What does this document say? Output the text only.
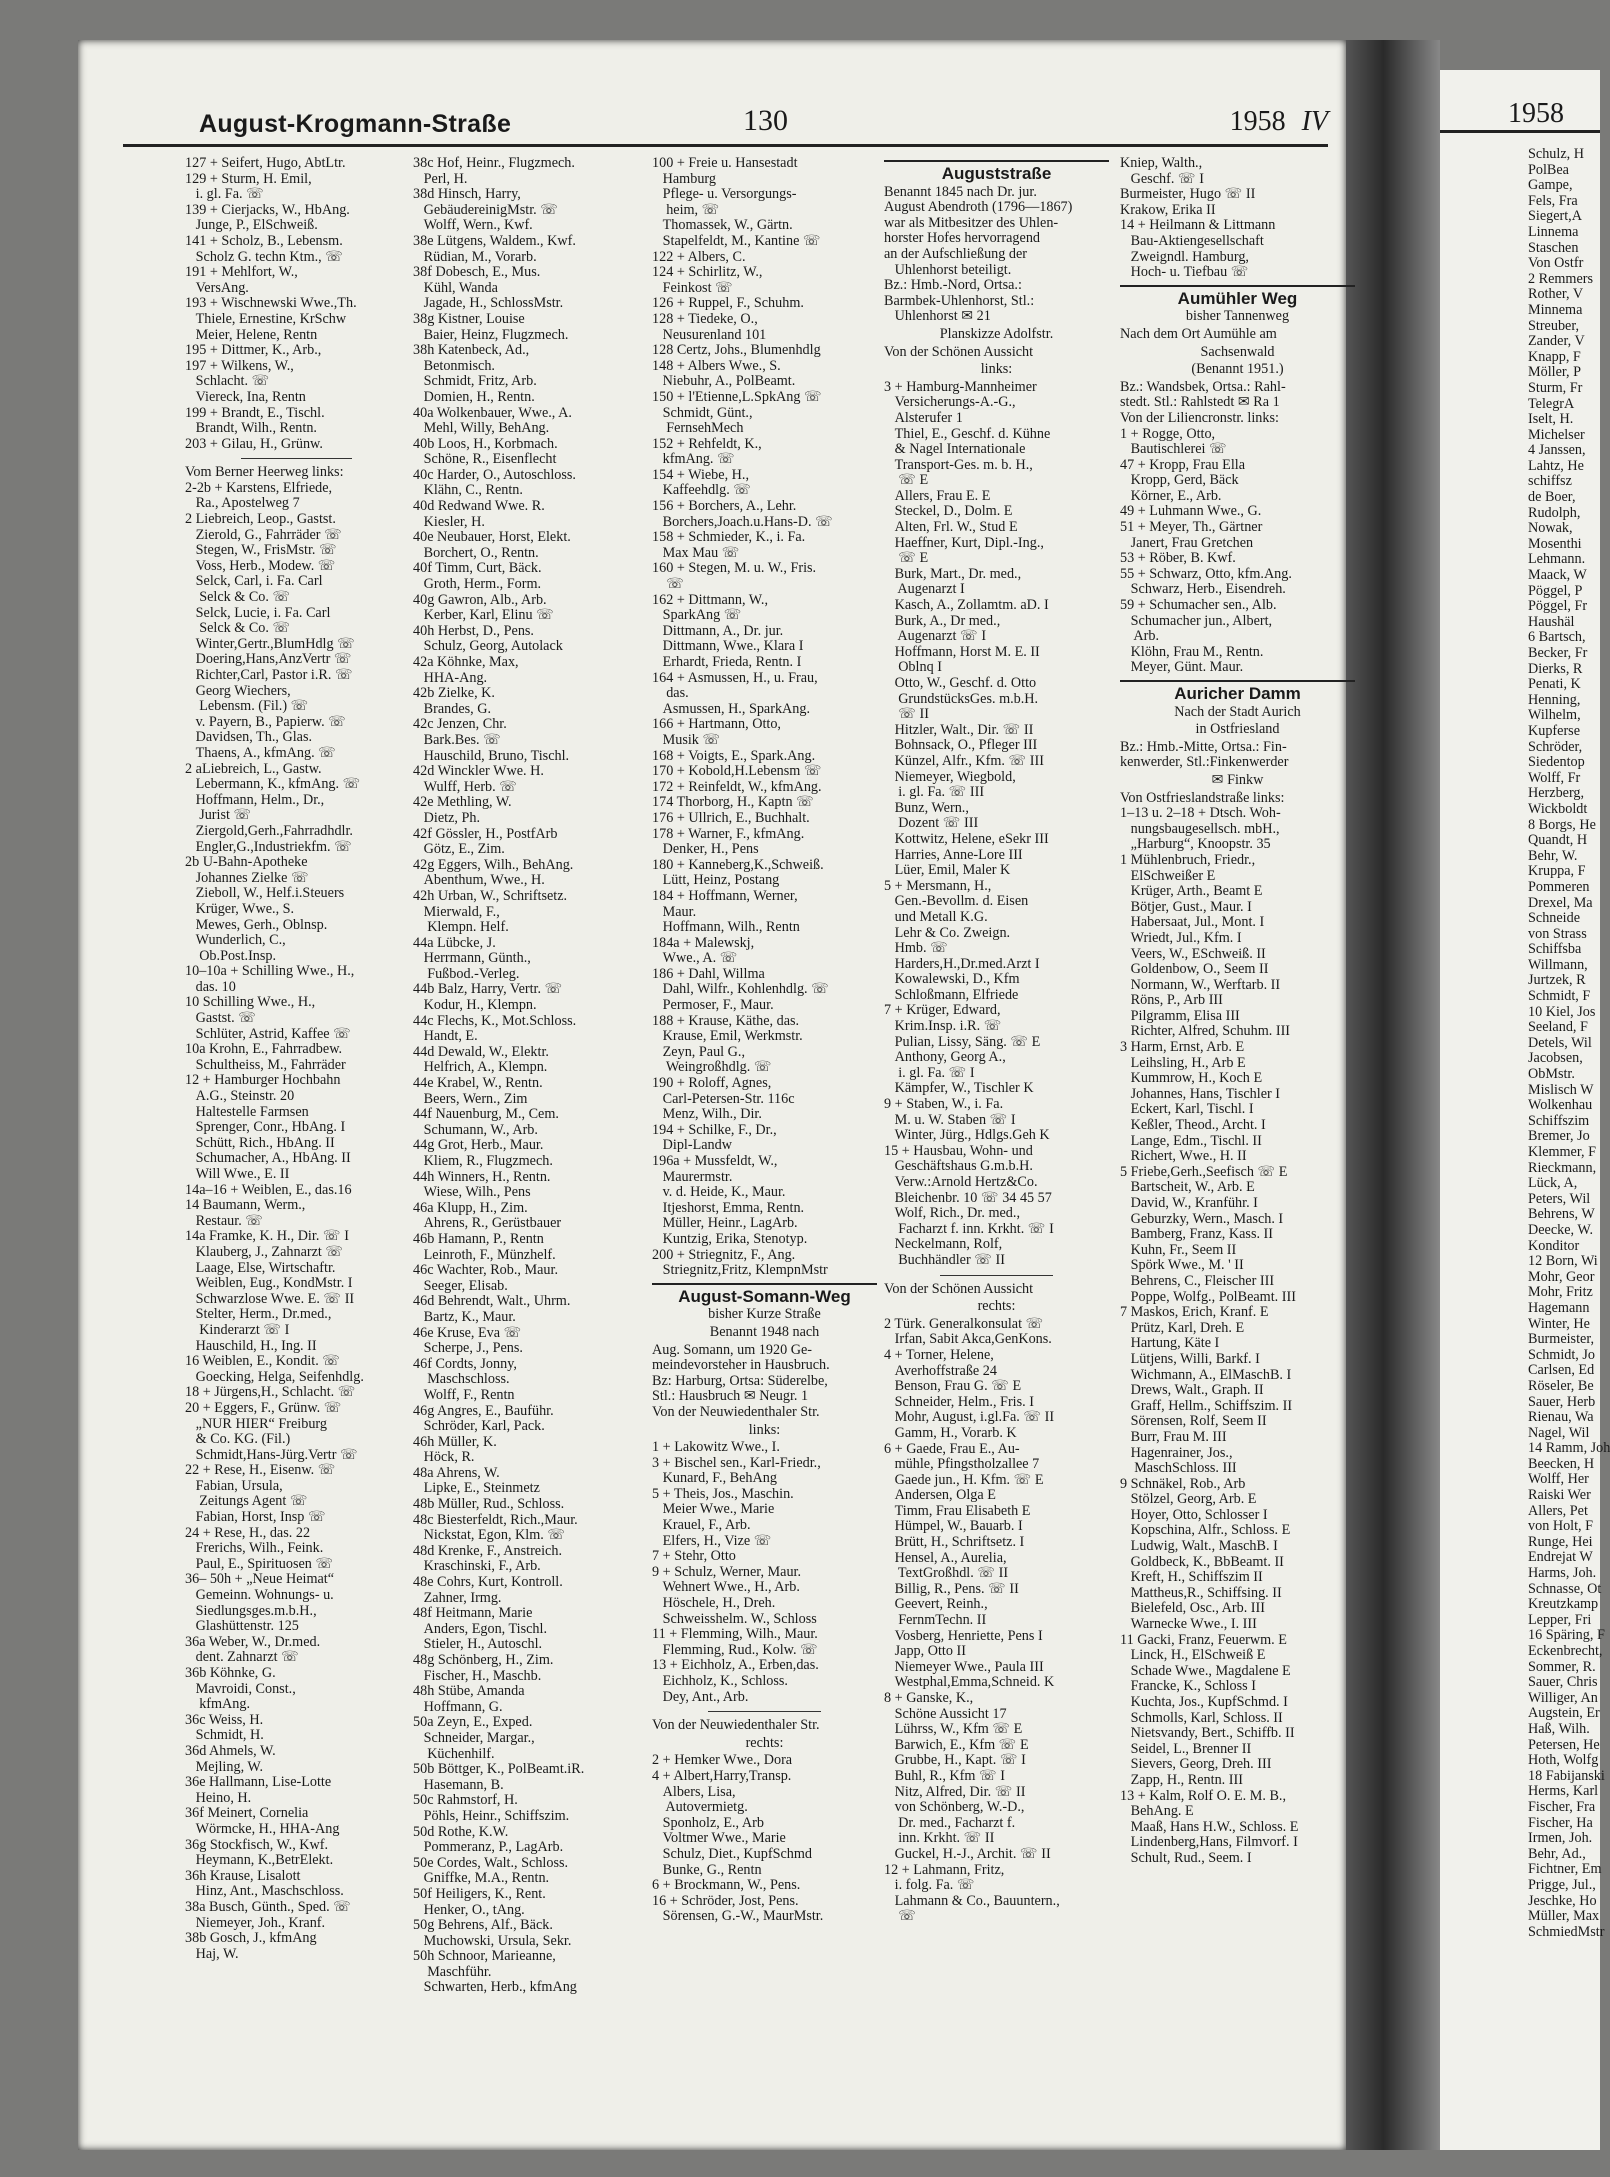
August-Krogmann-Straße	130	1958 IV
127 + Seifert, Hugo, AbtLtr.
129 + Sturm, H. Emil,
i. gl. Fa. ☏
139 + Cierjacks, W., HbAng.
Junge, P., ElSchweiß.
141 + Scholz, B., Lebensm.
Scholz G. techn Ktm., ☏
191 + Mehlfort, W.,
VersAng.
193 + Wischnewski Wwe.,Th.
Thiele, Ernestine, KrSchw
Meier, Helene, Rentn
195 + Dittmer, K., Arb.,
197 + Wilkens, W.,
Schlacht. ☏
Viereck, Ina, Rentn
199 + Brandt, E., Tischl.
Brandt, Wilh., Rentn.
203 + Gilau, H., Grünw.
Vom Berner Heerweg links:
2-2b + Karstens, Elfriede,
Ra., Apostelweg 7
2 Liebreich, Leop., Gastst.
Zierold, G., Fahrräder ☏
Stegen, W., FrisMstr. ☏
Voss, Herb., Modew. ☏
Selck, Carl, i. Fa. Carl
Selck & Co. ☏
Selck, Lucie, i. Fa. Carl
Selck & Co. ☏
Winter,Gertr.,BlumHdlg ☏
Doering,Hans,AnzVertr ☏
Richter,Carl, Pastor i.R. ☏
Georg Wiechers,
Lebensm. (Fil.) ☏
v. Payern, B., Papierw. ☏
Davidsen, Th., Glas.
Thaens, A., kfmAng. ☏
2 aLiebreich, L., Gastw.
Lebermann, K., kfmAng. ☏
Hoffmann, Helm., Dr.,
Jurist ☏
Ziergold,Gerh.,Fahrradhdlr.
Engler,G.,Industriekfm. ☏
2b U-Bahn-Apotheke
Johannes Zielke ☏
Zieboll, W., Helf.i.Steuers
Krüger, Wwe., S.
Mewes, Gerh., Oblnsp.
Wunderlich, C.,
Ob.Post.Insp.
10–10a + Schilling Wwe., H.,
das. 10
10 Schilling Wwe., H.,
Gastst. ☏
Schlüter, Astrid, Kaffee ☏
10a Krohn, E., Fahrradbew.
Schultheiss, M., Fahrräder
12 + Hamburger Hochbahn
A.G., Steinstr. 20
Haltestelle Farmsen
Sprenger, Conr., HbAng. I
Schütt, Rich., HbAng. II
Schumacher, A., HbAng. II
Will Wwe., E. II
14a–16 + Weiblen, E., das.16
14 Baumann, Werm.,
Restaur. ☏
14a Framke, K. H., Dir. ☏ I
Klauberg, J., Zahnarzt ☏
Laage, Else, Wirtschaftr.
Weiblen, Eug., KondMstr. I
Schwarzlose Wwe. E. ☏ II
Stelter, Herm., Dr.med.,
Kinderarzt ☏ I
Hauschild, H., Ing. II
16 Weiblen, E., Kondit. ☏
Goecking, Helga, Seifenhdlg.
18 + Jürgens,H., Schlacht. ☏
20 + Eggers, F., Grünw. ☏
„NUR HIER“ Freiburg
& Co. KG. (Fil.)
Schmidt,Hans-Jürg.Vertr ☏
22 + Rese, H., Eisenw. ☏
Fabian, Ursula,
Zeitungs Agent ☏
Fabian, Horst, Insp ☏
24 + Rese, H., das. 22
Frerichs, Wilh., Feink.
Paul, E., Spirituosen ☏
36– 50h + „Neue Heimat“
Gemeinn. Wohnungs- u.
Siedlungsges.m.b.H.,
Glashüttenstr. 125
36a Weber, W., Dr.med.
dent. Zahnarzt ☏
36b Köhnke, G.
Mavroidi, Const.,
kfmAng.
36c Weiss, H.
Schmidt, H.
36d Ahmels, W.
Mejling, W.
36e Hallmann, Lise-Lotte
Heino, H.
36f Meinert, Cornelia
Wörmcke, H., HHA-Ang
36g Stockfisch, W., Kwf.
Heymann, K.,BetrElekt.
36h Krause, Lisalott
Hinz, Ant., Maschschloss.
38a Busch, Günth., Sped. ☏
Niemeyer, Joh., Kranf.
38b Gosch, J., kfmAng
Haj, W.
38c Hof, Heinr., Flugzmech.
Perl, H.
38d Hinsch, Harry,
GebäudereinigMstr. ☏
Wolff, Wern., Kwf.
38e Lütgens, Waldem., Kwf.
Rüdian, M., Vorarb.
38f Dobesch, E., Mus.
Kühl, Wanda
Jagade, H., SchlossMstr.
38g Kistner, Louise
Baier, Heinz, Flugzmech.
38h Katenbeck, Ad.,
Betonmisch.
Schmidt, Fritz, Arb.
Domien, H., Rentn.
40a Wolkenbauer, Wwe., A.
Mehl, Willy, BehAng.
40b Loos, H., Korbmach.
Schöne, R., Eisenflecht
40c Harder, O., Autoschloss.
Klähn, C., Rentn.
40d Redwand Wwe. R.
Kiesler, H.
40e Neubauer, Horst, Elekt.
Borchert, O., Rentn.
40f Timm, Curt, Bäck.
Groth, Herm., Form.
40g Gawron, Alb., Arb.
Kerber, Karl, Elinu ☏
40h Herbst, D., Pens.
Schulz, Georg, Autolack
42a Köhnke, Max,
HHA-Ang.
42b Zielke, K.
Brandes, G.
42c Jenzen, Chr.
Bark.Bes. ☏
Hauschild, Bruno, Tischl.
42d Winckler Wwe. H.
Wulff, Herb. ☏
42e Methling, W.
Dietz, Ph.
42f Gössler, H., PostfArb
Götz, E., Zim.
42g Eggers, Wilh., BehAng.
Abenthum, Wwe., H.
42h Urban, W., Schriftsetz.
Mierwald, F.,
Klempn. Helf.
44a Lübcke, J.
Herrmann, Günth.,
Fußbod.-Verleg.
44b Balz, Harry, Vertr. ☏
Kodur, H., Klempn.
44c Flechs, K., Mot.Schloss.
Handt, E.
44d Dewald, W., Elektr.
Helfrich, A., Klempn.
44e Krabel, W., Rentn.
Beers, Wern., Zim
44f Nauenburg, M., Cem.
Schumann, W., Arb.
44g Grot, Herb., Maur.
Kliem, R., Flugzmech.
44h Winners, H., Rentn.
Wiese, Wilh., Pens
46a Klupp, H., Zim.
Ahrens, R., Gerüstbauer
46b Hamann, P., Rentn
Leinroth, F., Münzhelf.
46c Wachter, Rob., Maur.
Seeger, Elisab.
46d Behrendt, Walt., Uhrm.
Bartz, K., Maur.
46e Kruse, Eva ☏
Scherpe, J., Pens.
46f Cordts, Jonny,
Maschschloss.
Wolff, F., Rentn
46g Angres, E., Bauführ.
Schröder, Karl, Pack.
46h Müller, K.
Höck, R.
48a Ahrens, W.
Lipke, E., Steinmetz
48b Müller, Rud., Schloss.
48c Biesterfeldt, Rich.,Maur.
Nickstat, Egon, Klm. ☏
48d Krenke, F., Anstreich.
Kraschinski, F., Arb.
48e Cohrs, Kurt, Kontroll.
Zahner, Irmg.
48f Heitmann, Marie
Anders, Egon, Tischl.
Stieler, H., Autoschl.
48g Schönberg, H., Zim.
Fischer, H., Maschb.
48h Stübe, Amanda
Hoffmann, G.
50a Zeyn, E., Exped.
Schneider, Margar.,
Küchenhilf.
50b Böttger, K., PolBeamt.iR.
Hasemann, B.
50c Rahmstorf, H.
Pöhls, Heinr., Schiffszim.
50d Rothe, K.W.
Pommeranz, P., LagArb.
50e Cordes, Walt., Schloss.
Gniffke, M.A., Rentn.
50f Heiligers, K., Rent.
Henker, O., tAng.
50g Behrens, Alf., Bäck.
Muchowski, Ursula, Sekr.
50h Schnoor, Marieanne,
Maschführ.
Schwarten, Herb., kfmAng
100 + Freie u. Hansestadt
Hamburg
Pflege- u. Versorgungs-
heim, ☏
Thomassek, W., Gärtn.
Stapelfeldt, M., Kantine ☏
122 + Albers, C.
124 + Schirlitz, W.,
Feinkost ☏
126 + Ruppel, F., Schuhm.
128 + Tiedeke, O.,
Neusurenland 101
128 Certz, Johs., Blumenhdlg
148 + Albers Wwe., S.
Niebuhr, A., PolBeamt.
150 + l'Etienne,L.SpkAng ☏
Schmidt, Günt.,
FernsehMech
152 + Rehfeldt, K.,
kfmAng. ☏
154 + Wiebe, H.,
Kaffeehdlg. ☏
156 + Borchers, A., Lehr.
Borchers,Joach.u.Hans-D. ☏
158 + Schmieder, K., i. Fa.
Max Mau ☏
160 + Stegen, M. u. W., Fris.
☏
162 + Dittmann, W.,
SparkAng ☏
Dittmann, A., Dr. jur.
Dittmann, Wwe., Klara I
Erhardt, Frieda, Rentn. I
164 + Asmussen, H., u. Frau,
das.
Asmussen, H., SparkAng.
166 + Hartmann, Otto,
Musik ☏
168 + Voigts, E., Spark.Ang.
170 + Kobold,H.Lebensm ☏
172 + Reinfeldt, W., kfmAng.
174 Thorborg, H., Kaptn ☏
176 + Ullrich, E., Buchhalt.
178 + Warner, F., kfmAng.
Denker, H., Pens
180 + Kanneberg,K.,Schweiß.
Lütt, Heinz, Postang
184 + Hoffmann, Werner,
Maur.
Hoffmann, Wilh., Rentn
184a + Malewskj,
Wwe., A. ☏
186 + Dahl, Willma
Dahl, Wilfr., Kohlenhdlg. ☏
Permoser, F., Maur.
188 + Krause, Käthe, das.
Krause, Emil, Werkmstr.
Zeyn, Paul G.,
Weingroßhdlg. ☏
190 + Roloff, Agnes,
Carl-Petersen-Str. 116c
Menz, Wilh., Dir.
194 + Schilke, F., Dr.,
Dipl-Landw
196a + Mussfeldt, W.,
Maurermstr.
v. d. Heide, K., Maur.
Itjeshorst, Emma, Rentn.
Müller, Heinr., LagArb.
Kuntzig, Erika, Stenotyp.
200 + Striegnitz, F., Ang.
Striegnitz,Fritz, KlempnMstr
August-Somann-Weg
bisher Kurze Straße
Benannt 1948 nach
Aug. Somann, um 1920 Ge-
meindevorsteher in Hausbruch.
Bz: Harburg, Ortsa: Süderelbe,
Stl.: Hausbruch ✉ Neugr. 1
Von der Neuwiedenthaler Str.
links:
1 + Lakowitz Wwe., I.
3 + Bischel sen., Karl-Friedr.,
Kunard, F., BehAng
5 + Theis, Jos., Maschin.
Meier Wwe., Marie
Krauel, F., Arb.
Elfers, H., Vize ☏
7 + Stehr, Otto
9 + Schulz, Werner, Maur.
Wehnert Wwe., H., Arb.
Höschele, H., Dreh.
Schweisshelm. W., Schloss
11 + Flemming, Wilh., Maur.
Flemming, Rud., Kolw. ☏
13 + Eichholz, A., Erben,das.
Eichholz, K., Schloss.
Dey, Ant., Arb.
Von der Neuwiedenthaler Str.
rechts:
2 + Hemker Wwe., Dora
4 + Albert,Harry,Transp.
Albers, Lisa,
Autovermietg.
Sponholz, E., Arb
Voltmer Wwe., Marie
Schulz, Diet., KupfSchmd
Bunke, G., Rentn
6 + Brockmann, W., Pens.
16 + Schröder, Jost, Pens.
Sörensen, G.-W., MaurMstr.
Auguststraße
Benannt 1845 nach Dr. jur.
August Abendroth (1796—1867)
war als Mitbesitzer des Uhlen-
horster Hofes hervorragend
an der Aufschließung der
Uhlenhorst beteiligt.
Bz.: Hmb.-Nord, Ortsa.:
Barmbek-Uhlenhorst, Stl.:
Uhlenhorst ✉ 21
Planskizze Adolfstr.
Von der Schönen Aussicht
links:
3 + Hamburg-Mannheimer
Versicherungs-A.-G.,
Alsterufer 1
Thiel, E., Geschf. d. Kühne
& Nagel Internationale
Transport-Ges. m. b. H.,
☏ E
Allers, Frau E. E
Steckel, D., Dolm. E
Alten, Frl. W., Stud E
Haeffner, Kurt, Dipl.-Ing.,
☏ E
Burk, Mart., Dr. med.,
Augenarzt I
Kasch, A., Zollamtm. aD. I
Burk, A., Dr med.,
Augenarzt ☏ I
Hoffmann, Horst M. E. II
Oblnq I
Otto, W., Geschf. d. Otto
GrundstücksGes. m.b.H.
☏ II
Hitzler, Walt., Dir. ☏ II
Bohnsack, O., Pfleger III
Künzel, Alfr., Kfm. ☏ III
Niemeyer, Wiegbold,
i. gl. Fa. ☏ III
Bunz, Wern.,
Dozent ☏ III
Kottwitz, Helene, eSekr III
Harries, Anne-Lore III
Lüer, Emil, Maler K
5 + Mersmann, H.,
Gen.-Bevollm. d. Eisen
und Metall K.G.
Lehr & Co. Zweign.
Hmb. ☏
Harders,H.,Dr.med.Arzt I
Kowalewski, D., Kfm
Schloßmann, Elfriede
7 + Krüger, Edward,
Krim.Insp. i.R. ☏
Pulian, Lissy, Säng. ☏ E
Anthony, Georg A.,
i. gl. Fa. ☏ I
Kämpfer, W., Tischler K
9 + Staben, W., i. Fa.
M. u. W. Staben ☏ I
Winter, Jürg., Hdlgs.Geh K
15 + Hausbau, Wohn- und
Geschäftshaus G.m.b.H.
Verw.:Arnold Hertz&Co.
Bleichenbr. 10 ☏ 34 45 57
Wolf, Rich., Dr. med.,
Facharzt f. inn. Krkht. ☏ I
Neckelmann, Rolf,
Buchhändler ☏ II
Von der Schönen Aussicht
rechts:
2 Türk. Generalkonsulat ☏
Irfan, Sabit Akca,GenKons.
4 + Torner, Helene,
Averhoffstraße 24
Benson, Frau G. ☏ E
Schneider, Helm., Fris. I
Mohr, August, i.gl.Fa. ☏ II
Gamm, H., Vorarb. K
6 + Gaede, Frau E., Au-
mühle, Pfingstholzallee 7
Gaede jun., H. Kfm. ☏ E
Andersen, Olga E
Timm, Frau Elisabeth E
Hümpel, W., Bauarb. I
Brütt, H., Schriftsetz. I
Hensel, A., Aurelia,
TextGroßhdl. ☏ II
Billig, R., Pens. ☏ II
Geevert, Reinh.,
FernmTechn. II
Vosberg, Henriette, Pens I
Japp, Otto II
Niemeyer Wwe., Paula III
Westphal,Emma,Schneid. K
8 + Ganske, K.,
Schöne Aussicht 17
Lührss, W., Kfm ☏ E
Barwich, E., Kfm ☏ E
Grubbe, H., Kapt. ☏ I
Buhl, R., Kfm ☏ I
Nitz, Alfred, Dir. ☏ II
von Schönberg, W.-D.,
Dr. med., Facharzt f.
inn. Krkht. ☏ II
Guckel, H.-J., Archit. ☏ II
12 + Lahmann, Fritz,
i. folg. Fa. ☏
Lahmann & Co., Bauuntern.,
☏
Kniep, Walth.,
Geschf. ☏ I
Burmeister, Hugo ☏ II
Krakow, Erika II
14 + Heilmann & Littmann
Bau-Aktiengesellschaft
Zweigndl. Hamburg,
Hoch- u. Tiefbau ☏
Aumühler Weg
bisher Tannenweg
Nach dem Ort Aumühle am
Sachsenwald
(Benannt 1951.)
Bz.: Wandsbek, Ortsa.: Rahl-
stedt. Stl.: Rahlstedt ✉ Ra 1
Von der Liliencronstr. links:
1 + Rogge, Otto,
Bautischlerei ☏
47 + Kropp, Frau Ella
Kropp, Gerd, Bäck
Körner, E., Arb.
49 + Luhmann Wwe., G.
51 + Meyer, Th., Gärtner
Janert, Frau Gretchen
53 + Röber, B. Kwf.
55 + Schwarz, Otto, kfm.Ang.
Schwarz, Herb., Eisendreh.
59 + Schumacher sen., Alb.
Schumacher jun., Albert,
Arb.
Klöhn, Frau M., Rentn.
Meyer, Günt. Maur.
Auricher Damm
Nach der Stadt Aurich
in Ostfriesland
Bz.: Hmb.-Mitte, Ortsa.: Fin-
kenwerder, Stl.:Finkenwerder
✉ Finkw
Von Ostfrieslandstraße links:
1–13 u. 2–18 + Dtsch. Woh-
nungsbaugesellsch. mbH.,
„Harburg“, Knoopstr. 35
1 Mühlenbruch, Friedr.,
ElSchweißer E
Krüger, Arth., Beamt E
Bötjer, Gust., Maur. I
Habersaat, Jul., Mont. I
Wriedt, Jul., Kfm. I
Veers, W., ESchweiß. II
Goldenbow, O., Seem II
Normann, W., Werftarb. II
Röns, P., Arb III
Pilgramm, Elisa III
Richter, Alfred, Schuhm. III
3 Harm, Ernst, Arb. E
Leihsling, H., Arb E
Kummrow, H., Koch E
Johannes, Hans, Tischler I
Eckert, Karl, Tischl. I
Keßler, Theod., Archt. I
Lange, Edm., Tischl. II
Richert, Wwe., H. II
5 Friebe,Gerh.,Seefisch ☏ E
Bartscheit, W., Arb. E
David, W., Kranführ. I
Geburzky, Wern., Masch. I
Bamberg, Franz, Kass. II
Kuhn, Fr., Seem II
Spörk Wwe., M. ' II
Behrens, C., Fleischer III
Poppe, Wolfg., PolBeamt. III
7 Maskos, Erich, Kranf. E
Prütz, Karl, Dreh. E
Hartung, Käte I
Lütjens, Willi, Barkf. I
Wichmann, A., ElMaschB. I
Drews, Walt., Graph. II
Graff, Hellm., Schiffszim. II
Sörensen, Rolf, Seem II
Burr, Frau M. III
Hagenrainer, Jos.,
MaschSchloss. III
9 Schnäkel, Rob., Arb
Stölzel, Georg, Arb. E
Hoyer, Otto, Schlosser I
Kopschina, Alfr., Schloss. E
Ludwig, Walt., MaschB. I
Goldbeck, K., BbBeamt. II
Kreft, H., Schiffszim II
Mattheus,R., Schiffsing. II
Bielefeld, Osc., Arb. III
Warnecke Wwe., I. III
11 Gacki, Franz, Feuerwm. E
Linck, H., ElSchweiß E
Schade Wwe., Magdalene E
Francke, K., Schloss I
Kuchta, Jos., KupfSchmd. I
Schmolls, Karl, Schloss. II
Nietsvandy, Bert., Schiffb. II
Seidel, L., Brenner II
Sievers, Georg, Dreh. III
Zapp, H., Rentn. III
13 + Kalm, Rolf O. E. M. B.,
BehAng. E
Maaß, Hans H.W., Schloss. E
Lindenberg,Hans, Filmvorf. I
Schult, Rud., Seem. I
1958
Schulz, H
PolBea
Gampe,
Fels, Fra
Siegert,A
Linnema
Staschen
Von Ostfr
2 Remmers
Rother, V
Minnema
Streuber,
Zander, V
Knapp, F
Möller, P
Sturm, Fr
TelegrA
Iselt, H.
Michelser
4 Janssen,
Lahtz, He
schiffsz
de Boer,
Rudolph,
Nowak,
Mosenthi
Lehmann.
Maack, W
Pöggel, P
Pöggel, Fr
Haushäl
6 Bartsch,
Becker, Fr
Dierks, R
Penati, K
Henning,
Wilhelm,
Kupferse
Schröder,
Siedentop
Wolff, Fr
Herzberg,
Wickboldt
8 Borgs, He
Quandt, H
Behr, W.
Kruppa, F
Pommeren
Drexel, Ma
Schneide
von Strass
Schiffsba
Willmann,
Jurtzek, R
Schmidt, F
10 Kiel, Jos
Seeland, F
Detels, Wil
Jacobsen,
ObMstr.
Mislisch W
Wolkenhau
Schiffszim
Bremer, Jo
Klemmer, F
Rieckmann,
Lück, A,
Peters, Wil
Behrens, W
Deecke, W.
Konditor
12 Born, Wi
Mohr, Geor
Mohr, Fritz
Hagemann
Winter, He
Burmeister,
Schmidt, Jo
Carlsen, Ed
Röseler, Be
Sauer, Herb
Rienau, Wa
Nagel, Wil
14 Ramm, Joh
Beecken, H
Wolff, Her
Raiski Wer
Allers, Pet
von Holt, F
Runge, Hei
Endrejat W
Harms, Joh.
Schnasse, Ot
Kreutzkamp
Lepper, Fri
16 Späring, F
Eckenbrecht,
Sommer, R.
Sauer, Chris
Williger, An
Augstein, Er
Haß, Wilh.
Petersen, He
Hoth, Wolfg
18 Fabijanski
Herms, Karl
Fischer, Fra
Fischer, Ha
Irmen, Joh.
Behr, Ad.,
Fichtner, Em
Prigge, Jul.,
Jeschke, Ho
Müller, Max
SchmiedMstr
